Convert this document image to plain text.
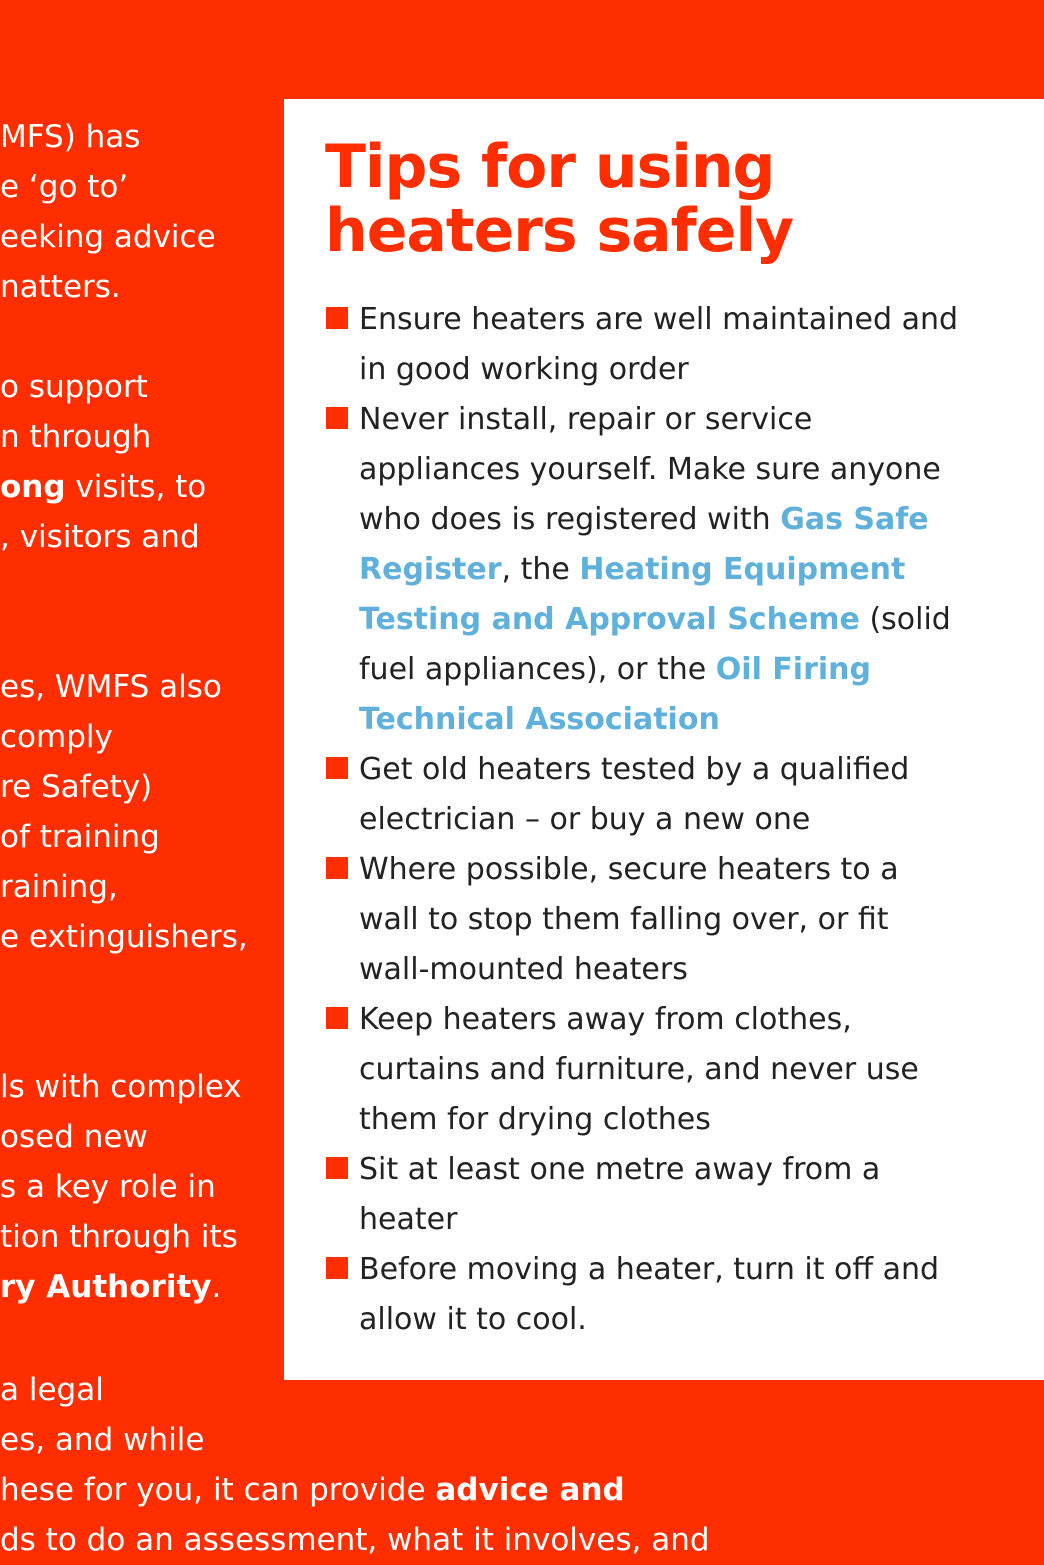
MFS) has
e ‘go to’
eeking advice
natters.
o support
n through
ong visits, to
, visitors and
es, WMFS also
comply
re Safety)
of training
raining,
e extinguishers,
ls with complex
osed new
s a key role in
tion through its
ry Authority.
a legal
es, and while
hese for you, it can provide advice and
ds to do an assessment, what it involves, and
Tips for using
heaters safely
Ensure heaters are well maintained and in good working order
Never install, repair or service appliances yourself. Make sure anyone who does is registered with Gas Safe Register, the Heating Equipment Testing and Approval Scheme (solid fuel appliances), or the Oil Firing Technical Association
Get old heaters tested by a qualified electrician – or buy a new one
Where possible, secure heaters to a wall to stop them falling over, or fit wall-mounted heaters
Keep heaters away from clothes, curtains and furniture, and never use them for drying clothes
Sit at least one metre away from a heater
Before moving a heater, turn it off and allow it to cool.
